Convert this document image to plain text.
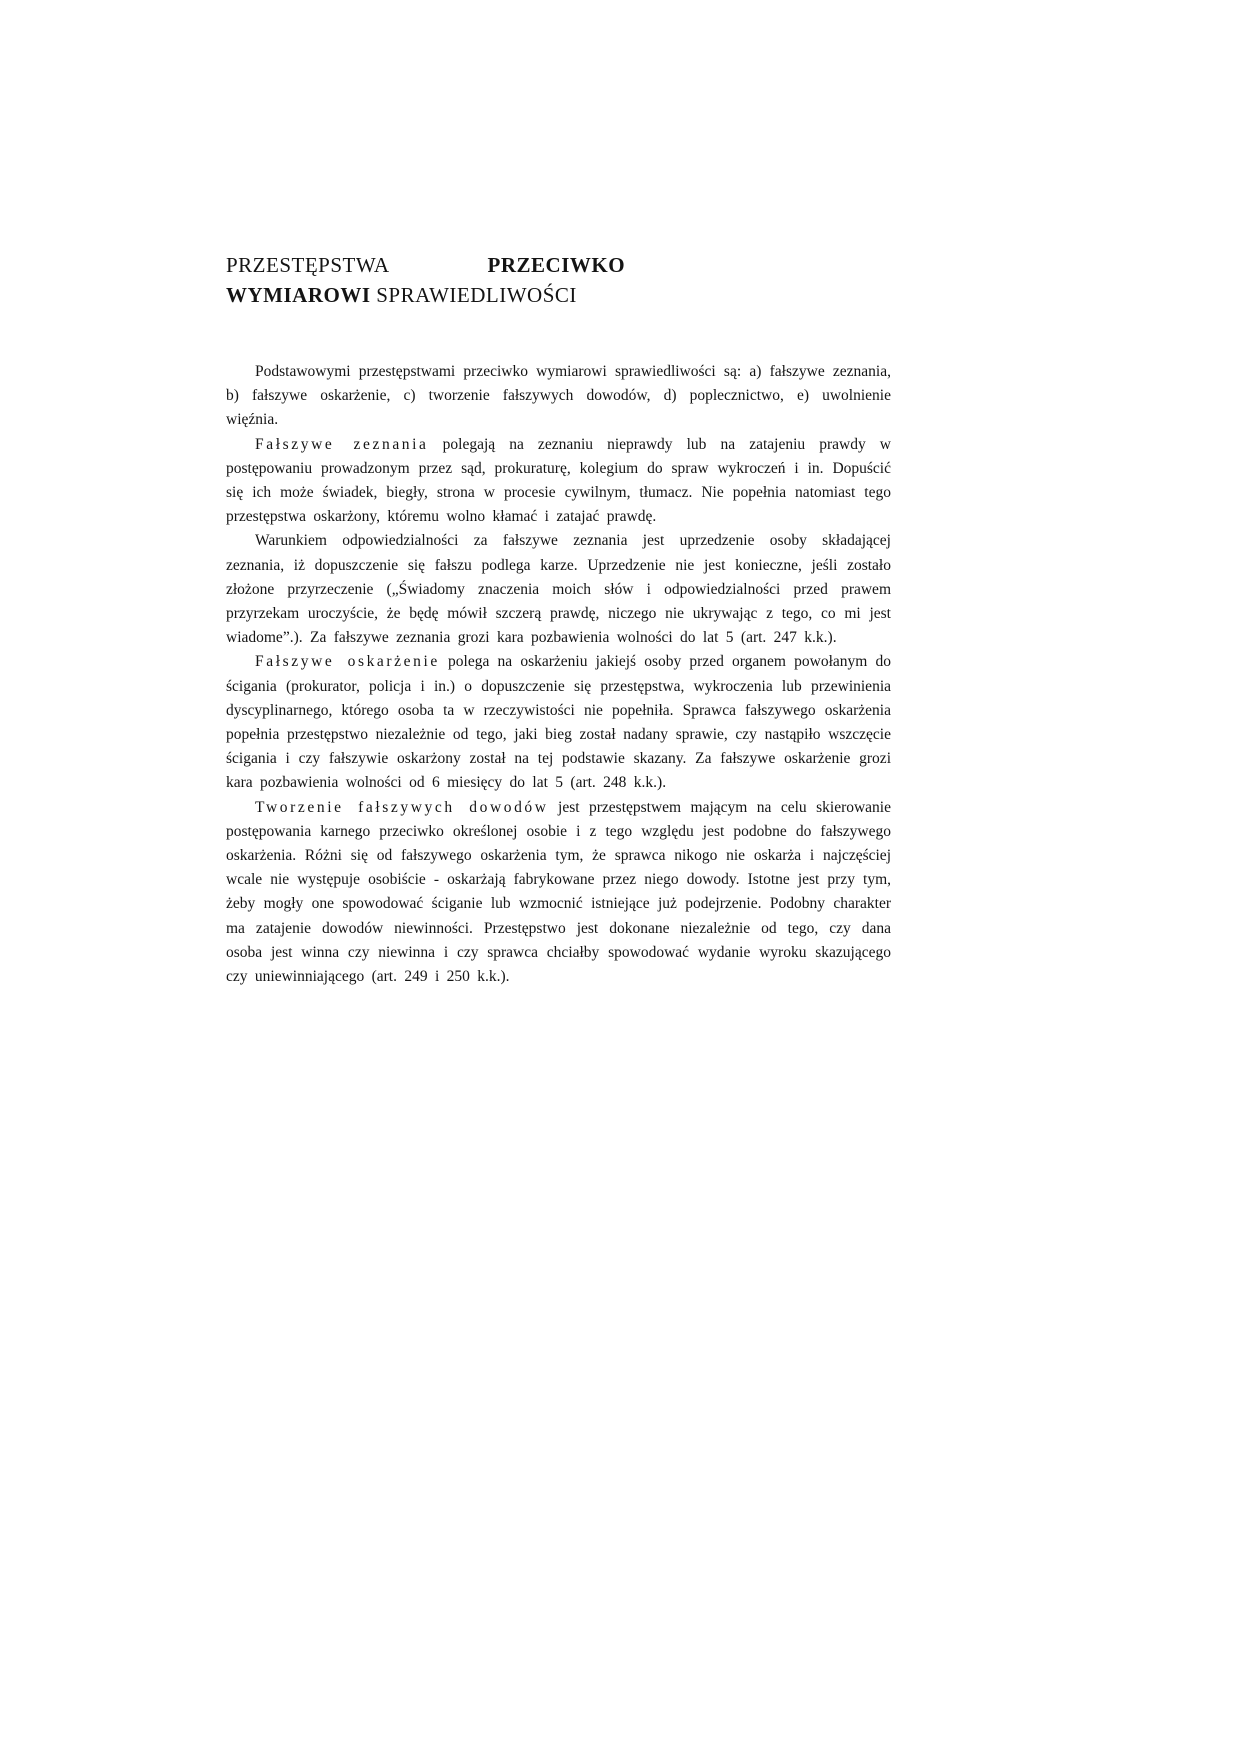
PRZESTĘPSTWA	PRZECIWKO
WYMIAROWI SPRAWIEDLIWOŚCI

Podstawowymi przestępstwami przeciwko wymiarowi sprawiedliwości są: a) fałszywe zeznania, b) fałszywe oskarżenie, c) tworzenie fałszywych dowodów, d) poplecznictwo, e) uwolnienie więźnia.

Fałszywe zeznania polegają na zeznaniu nieprawdy lub na zatajeniu prawdy w postępowaniu prowadzonym przez sąd, prokuraturę, kolegium do spraw wykroczeń i in. Dopuścić się ich może świadek, biegły, strona w procesie cywilnym, tłumacz. Nie popełnia natomiast tego przestępstwa oskarżony, któremu wolno kłamać i zatajać prawdę.

Warunkiem odpowiedzialności za fałszywe zeznania jest uprzedzenie osoby składającej zeznania, iż dopuszczenie się fałszu podlega karze. Uprzedzenie nie jest konieczne, jeśli zostało złożone przyrzeczenie („Świadomy znaczenia moich słów i odpowiedzialności przed prawem przyrzekam uroczyście, że będę mówił szczerą prawdę, niczego nie ukrywając z tego, co mi jest wiadome”.). Za fałszywe zeznania grozi kara pozbawienia wolności do lat 5 (art. 247 k.k.).

Fałszywe oskarżenie polega na oskarżeniu jakiejś osoby przed organem powołanym do ścigania (prokurator, policja i in.) o dopuszczenie się przestępstwa, wykroczenia lub przewinienia dyscyplinarnego, którego osoba ta w rzeczywistości nie popełniła. Sprawca fałszywego oskarżenia popełnia przestępstwo niezależnie od tego, jaki bieg został nadany sprawie, czy nastąpiło wszczęcie ścigania i czy fałszywie oskarżony został na tej podstawie skazany. Za fałszywe oskarżenie grozi kara pozbawienia wolności od 6 miesięcy do lat 5 (art. 248 k.k.).

Tworzenie fałszywych dowodów jest przestępstwem mającym na celu skierowanie postępowania karnego przeciwko określonej osobie i z tego względu jest podobne do fałszywego oskarżenia. Różni się od fałszywego oskarżenia tym, że sprawca nikogo nie oskarża i najczęściej wcale nie występuje osobiście - oskarżają fabrykowane przez niego dowody. Istotne jest przy tym, żeby mogły one spowodować ściganie lub wzmocnić istniejące już podejrzenie. Podobny charakter ma zatajenie dowodów niewinności. Przestępstwo jest dokonane niezależnie od tego, czy dana osoba jest winna czy niewinna i czy sprawca chciałby spowodować wydanie wyroku skazującego czy uniewinniającego (art. 249 i 250 k.k.).
